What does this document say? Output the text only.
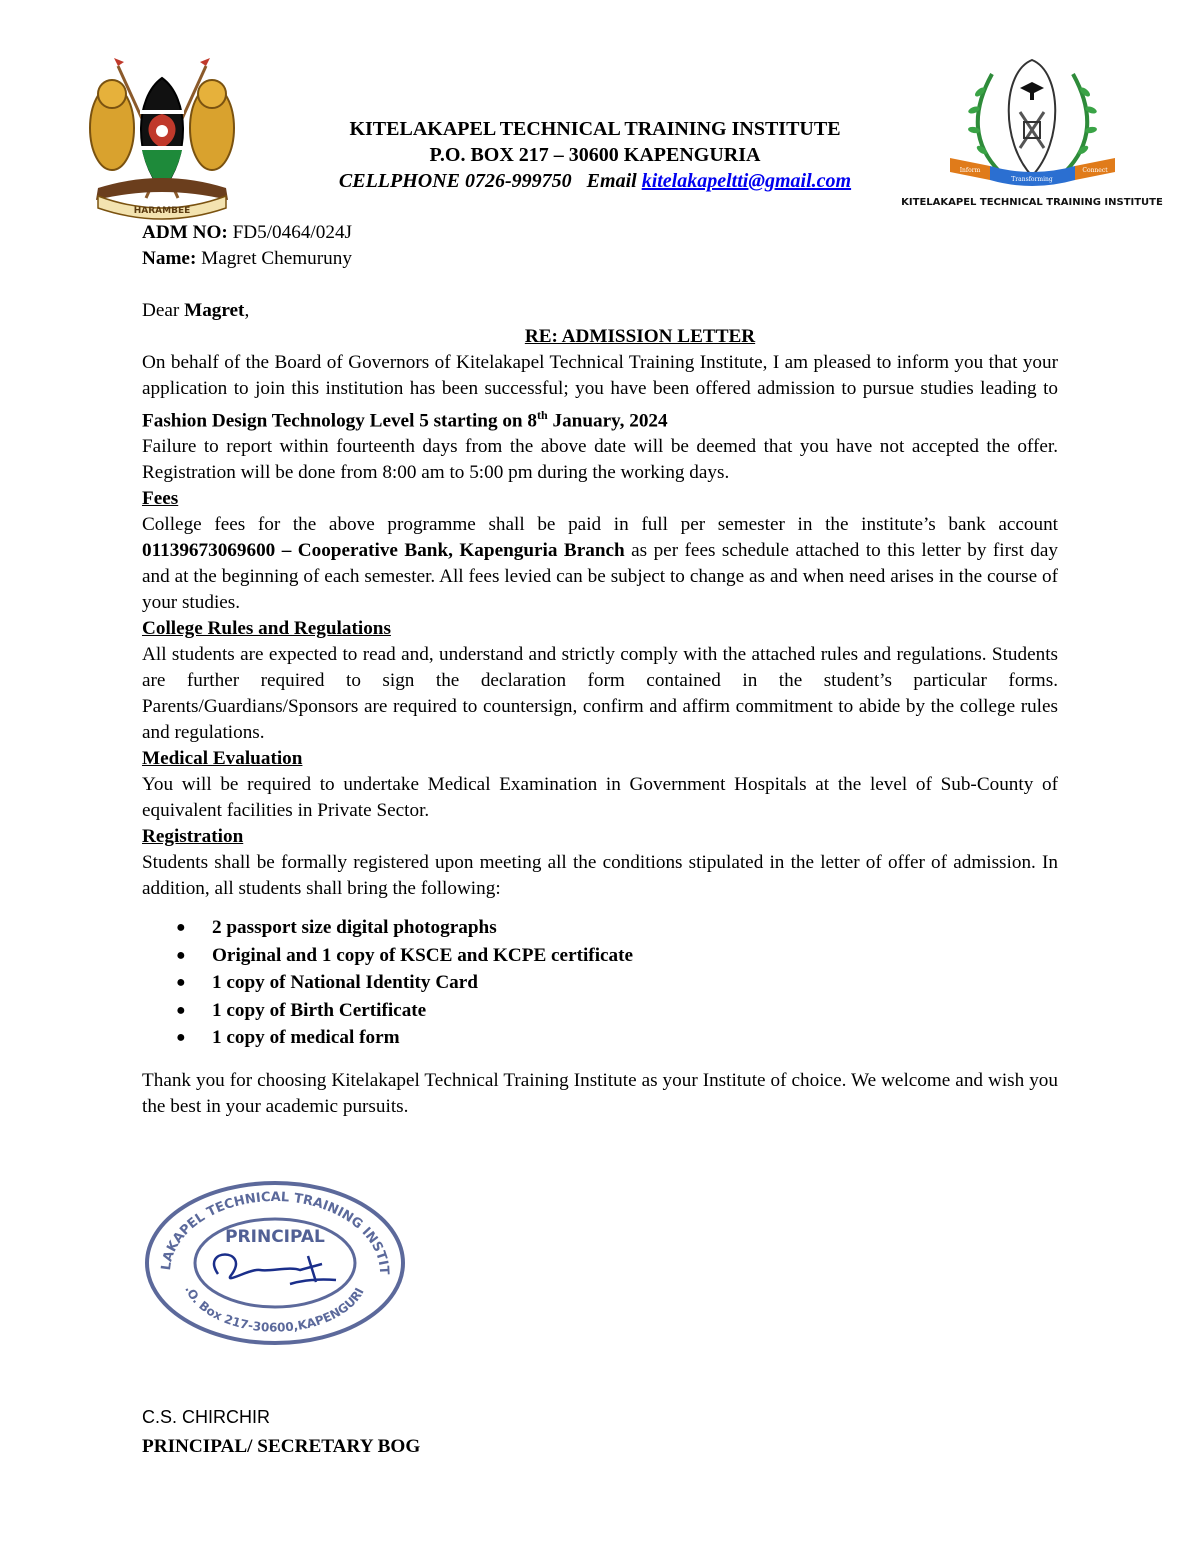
HARAMBEE
KITELAKAPEL TECHNICAL TRAINING INSTITUTE
P.O. BOX 217 – 30600 KAPENGURIA
CELLPHONE 0726-999750 Email kitelakapeltti@gmail.com	Inform
Transforming
Connect
KITELAKAPEL TECHNICAL TRAINING INSTITUTE

ADM NO: FD5/0464/024J

Name: Magret Chemuruny

Dear Magret,

RE: ADMISSION LETTER

On behalf of the Board of Governors of Kitelakapel Technical Training Institute, I am pleased to inform you that your application to join this institution has been successful; you have been offered admission to pursue studies leading to Fashion Design Technology Level 5 starting on 8th January, 2024

Failure to report within fourteenth days from the above date will be deemed that you have not accepted the offer. Registration will be done from 8:00 am to 5:00 pm during the working days.

Fees

College fees for the above programme shall be paid in full per semester in the institute’s bank account 01139673069600 – Cooperative Bank, Kapenguria Branch as per fees schedule attached to this letter by first day and at the beginning of each semester. All fees levied can be subject to change as and when need arises in the course of your studies.

College Rules and Regulations

All students are expected to read and, understand and strictly comply with the attached rules and regulations. Students are further required to sign the declaration form contained in the student’s particular forms. Parents/Guardians/Sponsors are required to countersign, confirm and affirm commitment to abide by the college rules and regulations.

Medical Evaluation

You will be required to undertake Medical Examination in Government Hospitals at the level of Sub-County of equivalent facilities in Private Sector.

Registration

Students shall be formally registered upon meeting all the conditions stipulated in the letter of offer of admission. In addition, all students shall bring the following:

● 2 passport size digital photographs
● Original and 1 copy of KSCE and KCPE certificate
● 1 copy of National Identity Card
● 1 copy of Birth Certificate
● 1 copy of medical form

Thank you for choosing Kitelakapel Technical Training Institute as your Institute of choice. We welcome and wish you the best in your academic pursuits.

LAKAPEL TECHNICAL TRAINING INSTIT
.O. Box 217-30600,KAPENGURI
PRINCIPAL
C.S. CHIRCHIR
PRINCIPAL/ SECRETARY BOG
